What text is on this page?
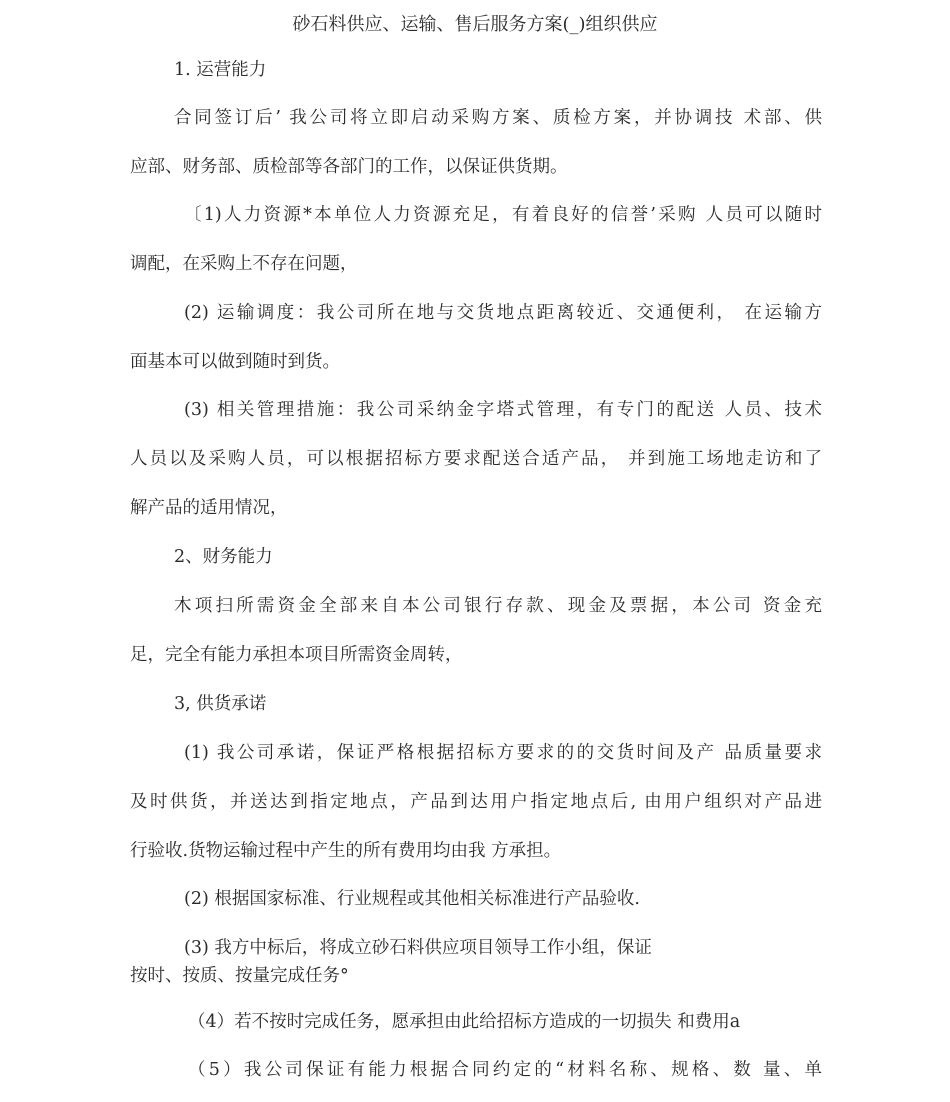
砂石料供应、运输、售后服务方案(_)组织供应
1. 运营能力
合同签订后’ 我公司将立即启动采购方案、质检方案，并协调技 术部、供
应部、财务部、质检部等各部门的工作，以保证供货期。
〔1)人力资源*本单位人力资源充足，有着良好的信誉’采购 人员可以随时
调配，在采购上不存在问题，
(2) 运输调度：我公司所在地与交货地点距离较近、交通便利， 在运输方
面基本可以做到随时到货。
(3) 相关管理措施：我公司采纳金字塔式管理，有专门的配送 人员、技术
人员以及采购人员，可以根据招标方要求配送合适产品， 并到施工场地走访和了
解产品的适用情况，
2、财务能力
木项扫所需资金全部来自本公司银行存款、现金及票据，本公司 资金充
足，完全有能力承担本项目所需资金周转，
3, 供货承诺
(1) 我公司承诺，保证严格根据招标方要求的的交货时间及产 品质量要求
及时供货，并送达到指定地点，产品到达用户指定地点后, 由用户组织对产品进
行验收.货物运输过程中产生的所有费用均由我 方承担。
(2) 根据国家标准、行业规程或其他相关标准进行产品验收.
(3) 我方中标后，将成立砂石料供应项目领导工作小组，保证
按时、按质、按量完成任务°
（4）若不按时完成任务，愿承担由此给招标方造成的一切损失 和费用a
（5）我公司保证有能力根据合同约定的“材料名称、规格、数 量、单
